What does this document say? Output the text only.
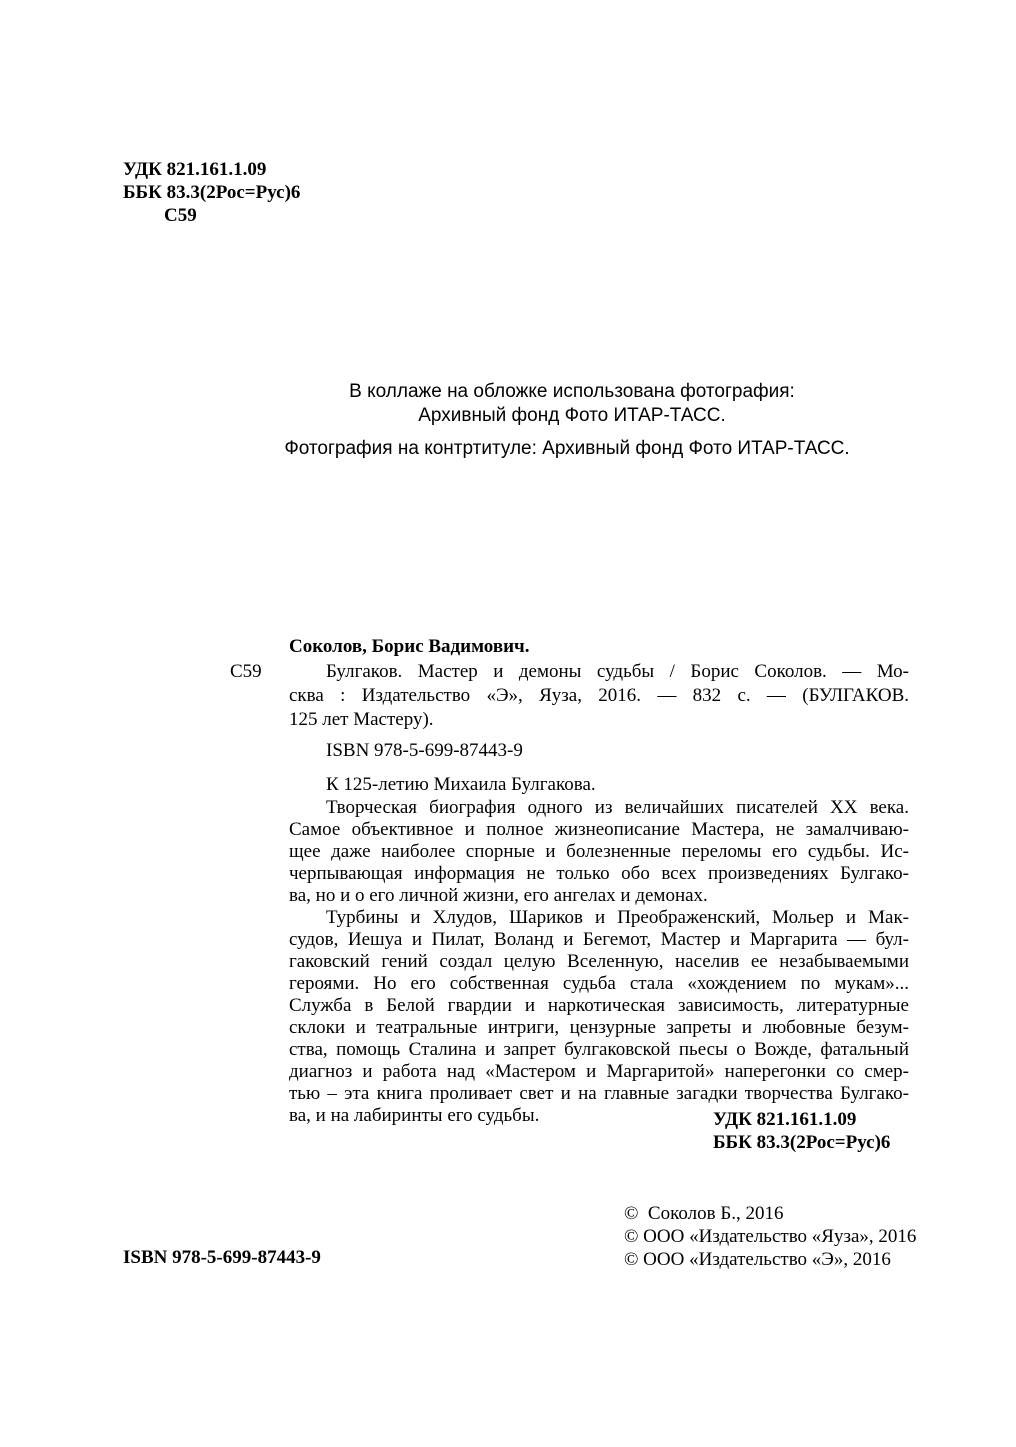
УДК 821.161.1.09
ББК 83.3(2Рос=Рус)6
С59
В коллаже на обложке использована фотография:
Архивный фонд Фото ИТАР-ТАСС.
Фотография на контртитуле: Архивный фонд Фото ИТАР-ТАСС.
Соколов, Борис Вадимович.
С59	Булгаков. Мастер и демоны судьбы / Борис Соколов. — Мо-
сква : Издательство «Э», Яуза, 2016. — 832 с. — (БУЛГАКОВ.
125 лет Мастеру).
ISBN 978-5-699-87443-9
К 125-летию Михаила Булгакова.
Творческая биография одного из величайших писателей XX века.
Самое объективное и полное жизнеописание Мастера, не замалчиваю-
щее даже наиболее спорные и болезненные переломы его судьбы. Ис-
черпывающая информация не только обо всех произведениях Булгако-
ва, но и о его личной жизни, его ангелах и демонах.
Турбины и Хлудов, Шариков и Преображенский, Мольер и Мак-
судов, Иешуа и Пилат, Воланд и Бегемот, Мастер и Маргарита — бул-
гаковский гений создал целую Вселенную, населив ее незабываемыми
героями. Но его собственная судьба стала «хождением по мукам»...
Служба в Белой гвардии и наркотическая зависимость, литературные
склоки и театральные интриги, цензурные запреты и любовные безум-
ства, помощь Сталина и запрет булгаковской пьесы о Вожде, фатальный
диагноз и работа над «Мастером и Маргаритой» наперегонки со смер-
тью – эта книга проливает свет и на главные загадки творчества Булгако-
ва, и на лабиринты его судьбы.	УДК 821.161.1.09
ББК 83.3(2Рос=Рус)6
ISBN 978-5-699-87443-9
©  Соколов Б., 2016
© ООО «Издательство «Яуза», 2016
© ООО «Издательство «Э», 2016
